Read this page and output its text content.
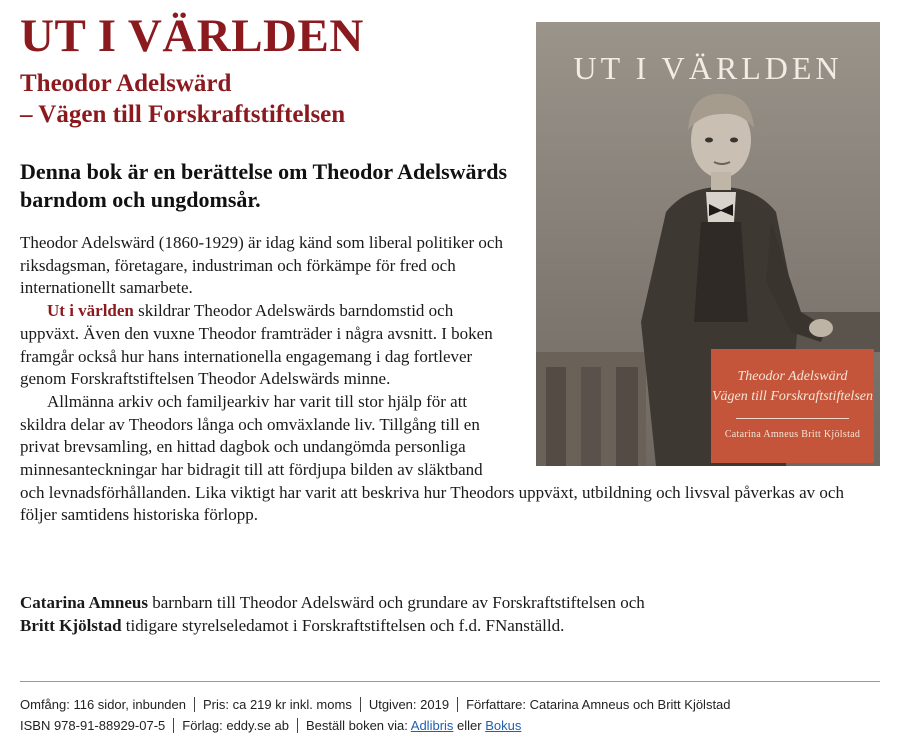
UT I VÄRLDEN
Theodor Adelswärd
– Vägen till Forskraftstiftelsen

Denna bok är en berättelse om Theodor Adelswärds barndom och ungdomsår.

Theodor Adelswärd (1860-1929) är idag känd som liberal politiker och riksdagsman, företagare, industriman och förkämpe för fred och internationellt samarbete.

Ut i världen skildrar Theodor Adelswärds barndomstid och uppväxt. Även den vuxne Theodor framträder i några avsnitt. I boken framgår också hur hans internationella engagemang i dag fortlever genom Forskraftstiftelsen Theodor Adelswärds minne.

Allmänna arkiv och familjearkiv har varit till stor hjälp för att skildra delar av Theodors långa och omväxlande liv. Tillgång till en privat brevsamling, en hittad dagbok och undangömda personliga minnesanteckningar har bidragit till att fördjupa bilden av släktband och levnadsförhållanden. Lika viktigt har varit att beskriva hur Theodors uppväxt, utbildning och livsval påverkas av och följer samtidens historiska förlopp.

Catarina Amneus barnbarn till Theodor Adelswärd och grundare av Forskraftstiftelsen och

Britt Kjölstad tidigare styrelseledamot i Forskraftstiftelsen och f.d. FNanställd.

Omfång: 116 sidor, inbunden Pris: ca 219 kr inkl. moms Utgiven: 2019 Författare: Catarina Amneus och Britt Kjölstad
ISBN 978-91-88929-07-5 Förlag: eddy.se ab Beställ boken via: Adlibris eller Bokus
UT I VÄRLDEN
Theodor Adelswärd
Vägen till Forskraftstiftelsen
Catarina Amneus Britt Kjölstad
